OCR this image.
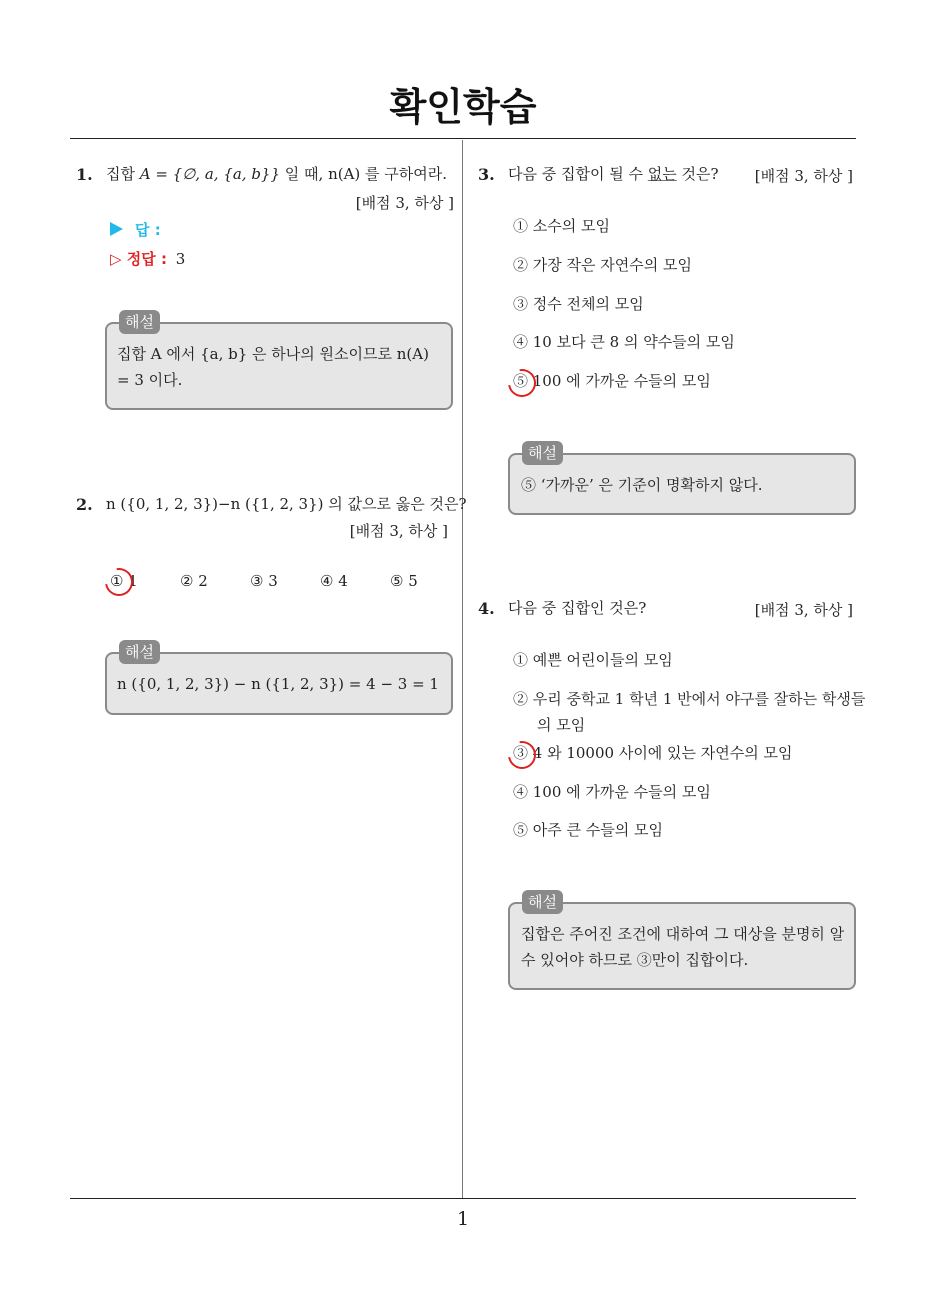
확인학습
1
1. 집합 A = {∅, a, {a, b}} 일 때, n(A) 를 구하여라.
[배점 3, 하상 ]
답 :
▷ 정답 : 3
해설
집합 A 에서 {a, b} 은 하나의 원소이므로 n(A) = 3 이다.
2. n ({0, 1, 2, 3})−n ({1, 2, 3}) 의 값으로 옳은 것은?
[배점 3, 하상 ]
① 1	② 2	③ 3	④ 4	⑤ 5
해설
n ({0, 1, 2, 3}) − n ({1, 2, 3}) = 4 − 3 = 1
3. 다음 중 집합이 될 수 없는 것은?	[배점 3, 하상 ]
① 소수의 모임
② 가장 작은 자연수의 모임
③ 정수 전체의 모임
④ 10 보다 큰 8 의 약수들의 모임
⑤ 100 에 가까운 수들의 모임
해설
⑤ ‘가까운’ 은 기준이 명확하지 않다.
4. 다음 중 집합인 것은?	[배점 3, 하상 ]
① 예쁜 어린이들의 모임
② 우리 중학교 1 학년 1 반에서 야구를 잘하는 학생들의 모임
③ 4 와 10000 사이에 있는 자연수의 모임
④ 100 에 가까운 수들의 모임
⑤ 아주 큰 수들의 모임
해설
집합은 주어진 조건에 대하여 그 대상을 분명히 알 수 있어야 하므로 ③만이 집합이다.
